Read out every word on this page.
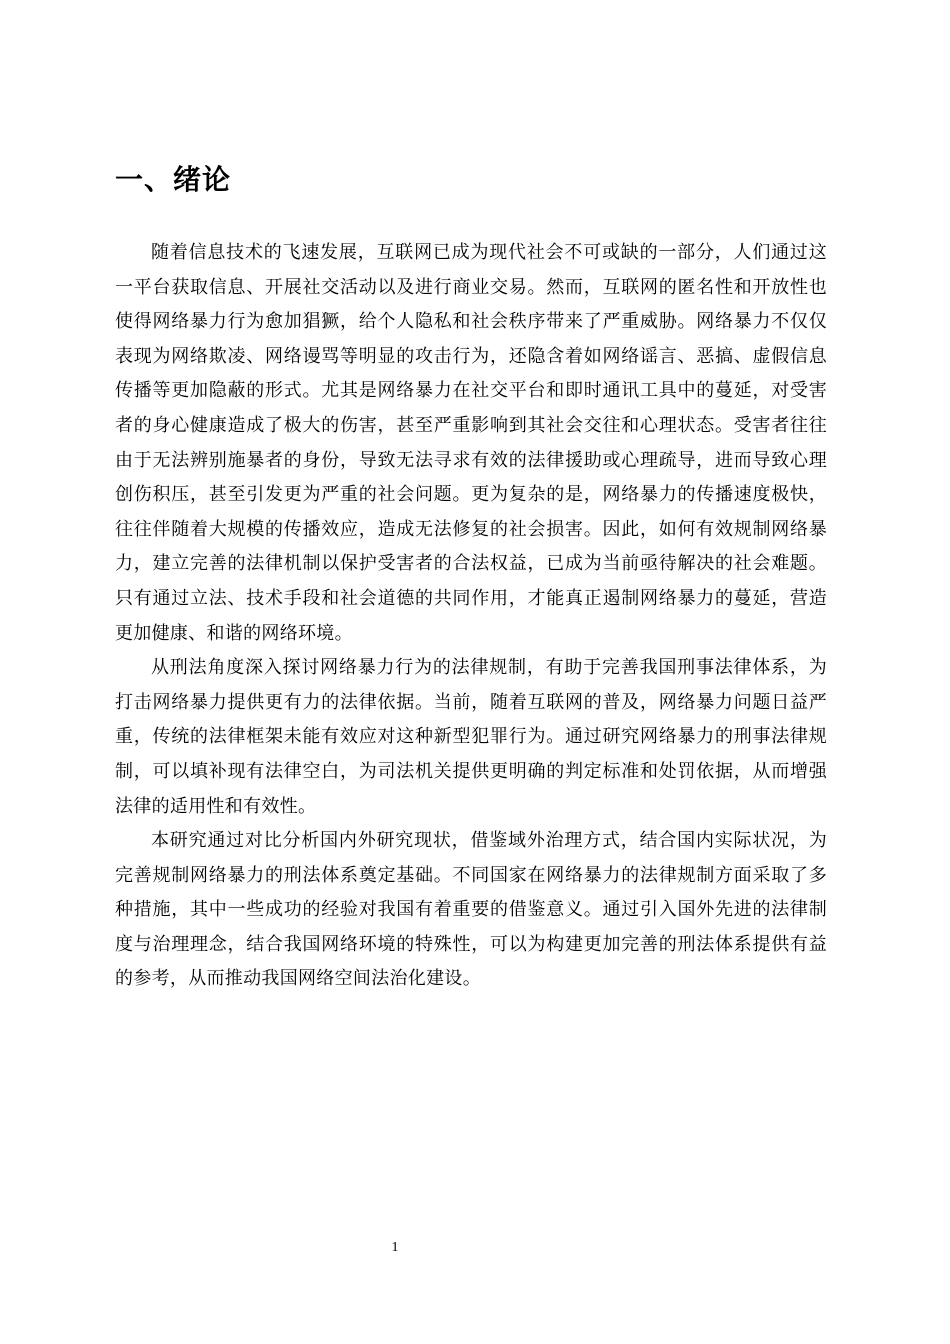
一、绪论

随着信息技术的飞速发展，互联网已成为现代社会不可或缺的一部分，人们通过这一平台获取信息、开展社交活动以及进行商业交易。然而，互联网的匿名性和开放性也使得网络暴力行为愈加猖獗，给个人隐私和社会秩序带来了严重威胁。网络暴力不仅仅表现为网络欺凌、网络谩骂等明显的攻击行为，还隐含着如网络谣言、恶搞、虚假信息传播等更加隐蔽的形式。尤其是网络暴力在社交平台和即时通讯工具中的蔓延，对受害者的身心健康造成了极大的伤害，甚至严重影响到其社会交往和心理状态。受害者往往由于无法辨别施暴者的身份，导致无法寻求有效的法律援助或心理疏导，进而导致心理创伤积压，甚至引发更为严重的社会问题。更为复杂的是，网络暴力的传播速度极快，往往伴随着大规模的传播效应，造成无法修复的社会损害。因此，如何有效规制网络暴力，建立完善的法律机制以保护受害者的合法权益，已成为当前亟待解决的社会难题。只有通过立法、技术手段和社会道德的共同作用，才能真正遏制网络暴力的蔓延，营造更加健康、和谐的网络环境。

从刑法角度深入探讨网络暴力行为的法律规制，有助于完善我国刑事法律体系，为打击网络暴力提供更有力的法律依据。当前，随着互联网的普及，网络暴力问题日益严重，传统的法律框架未能有效应对这种新型犯罪行为。通过研究网络暴力的刑事法律规制，可以填补现有法律空白，为司法机关提供更明确的判定标准和处罚依据，从而增强法律的适用性和有效性。

本研究通过对比分析国内外研究现状，借鉴域外治理方式，结合国内实际状况，为完善规制网络暴力的刑法体系奠定基础。不同国家在网络暴力的法律规制方面采取了多种措施，其中一些成功的经验对我国有着重要的借鉴意义。通过引入国外先进的法律制度与治理理念，结合我国网络环境的特殊性，可以为构建更加完善的刑法体系提供有益的参考，从而推动我国网络空间法治化建设。

1
